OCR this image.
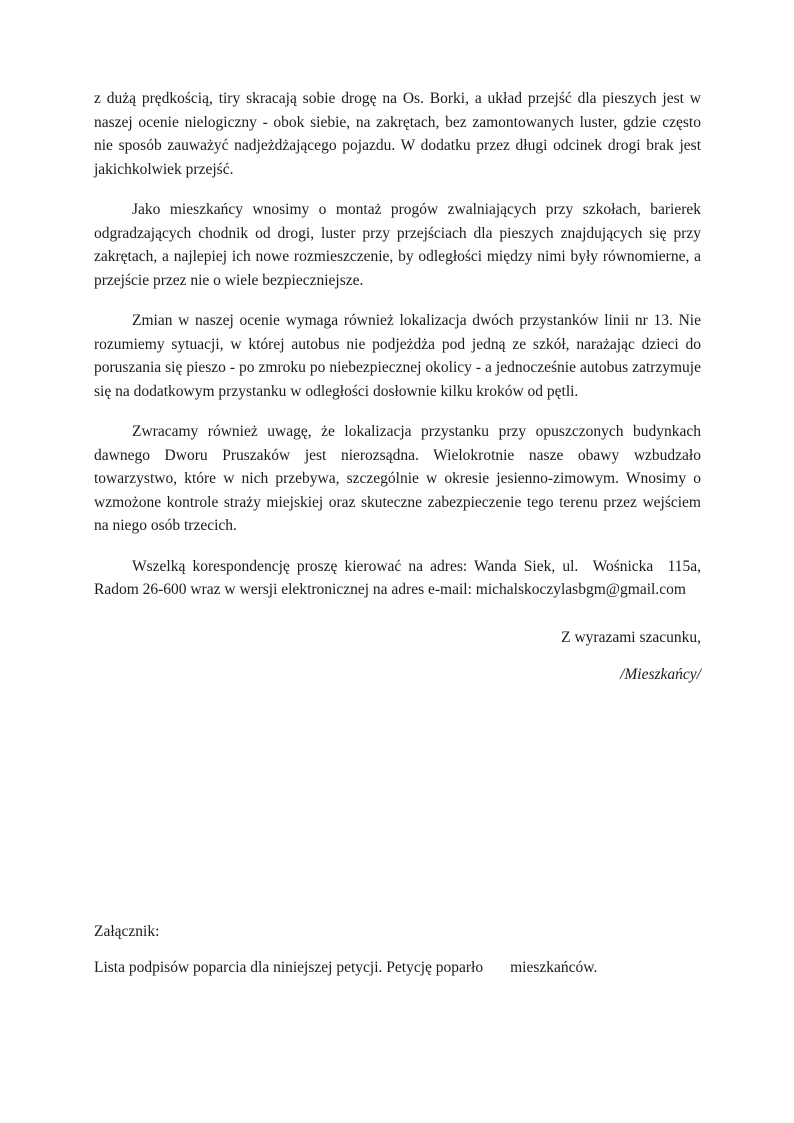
z dużą prędkością, tiry skracają sobie drogę na Os. Borki, a układ przejść dla pieszych jest w naszej ocenie nielogiczny - obok siebie, na zakrętach, bez zamontowanych luster, gdzie często nie sposób zauważyć nadjeżdżającego pojazdu. W dodatku przez długi odcinek drogi brak jest jakichkolwiek przejść.

Jako mieszkańcy wnosimy o montaż progów zwalniających przy szkołach, barierek odgradzających chodnik od drogi, luster przy przejściach dla pieszych znajdujących się przy zakrętach, a najlepiej ich nowe rozmieszczenie, by odległości między nimi były równomierne, a przejście przez nie o wiele bezpieczniejsze.

Zmian w naszej ocenie wymaga również lokalizacja dwóch przystanków linii nr 13. Nie rozumiemy sytuacji, w której autobus nie podjeżdża pod jedną ze szkół, narażając dzieci do poruszania się pieszo - po zmroku po niebezpiecznej okolicy - a jednocześnie autobus zatrzymuje się na dodatkowym przystanku w odległości dosłownie kilku kroków od pętli.

Zwracamy również uwagę, że lokalizacja przystanku przy opuszczonych budynkach dawnego Dworu Pruszaków jest nierozsądna. Wielokrotnie nasze obawy wzbudzało towarzystwo, które w nich przebywa, szczególnie w okresie jesienno-zimowym. Wnosimy o wzmożone kontrole straży miejskiej oraz skuteczne zabezpieczenie tego terenu przez wejściem na niego osób trzecich.

Wszelką korespondencję proszę kierować na adres: Wanda Siek, ul.  Wośnicka  115a, Radom 26-600 wraz w wersji elektronicznej na adres e-mail: michalskoczylasbgm@gmail.com

Z wyrazami szacunku,

/Mieszkańcy/

Załącznik:

Lista podpisów poparcia dla niniejszej petycji. Petycję poparło mieszkańców.
